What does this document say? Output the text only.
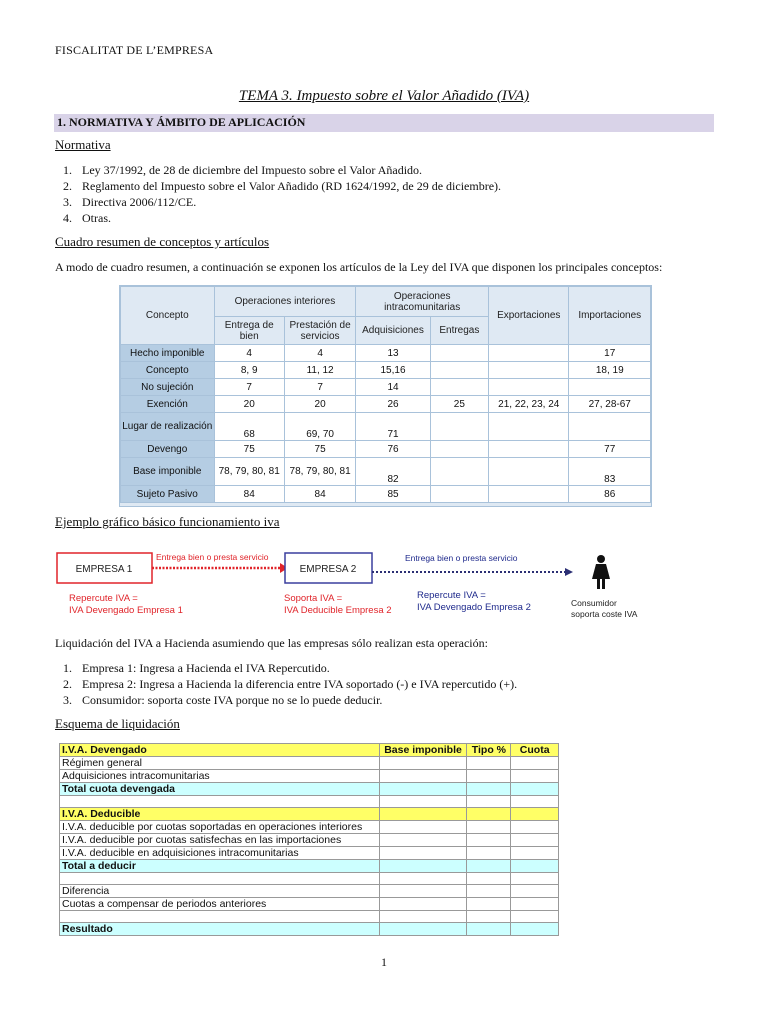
FISCALITAT DE L’EMPRESA
TEMA 3. Impuesto sobre el Valor Añadido (IVA)
1. NORMATIVA Y ÁMBITO DE APLICACIÓN
Normativa
1. Ley 37/1992, de 28 de diciembre del Impuesto sobre el Valor Añadido.
2. Reglamento del Impuesto sobre el Valor Añadido (RD 1624/1992, de 29 de diciembre).
3. Directiva 2006/112/CE.
4. Otras.
Cuadro resumen de conceptos y artículos
A modo de cuadro resumen, a continuación se exponen los artículos de la Ley del IVA que disponen los principales conceptos:
Concepto	Operaciones interiores		Operaciones intracomunitarias		Exportaciones	Importaciones
	Entrega de bien	Prestación de servicios	Adquisiciones	Entregas		
Hecho imponible	4	4	13			17
Concepto	8, 9	11, 12	15,16			18, 19
No sujeción	7	7	14			
Exención	20	20	26	25	21, 22, 23, 24	27, 28-67
Lugar de realización	68	69, 70	71			
Devengo	75	75	76			77
Base imponible	78, 79, 80, 81	78, 79, 80, 81	82			83
Sujeto Pasivo	84	84	85			86
Ejemplo gráfico básico funcionamiento iva
EMPRESA 1
Entrega bien o presta servicio
EMPRESA 2
Entrega bien o presta servicio
Repercute IVA =
IVA Devengado Empresa 1
Soporta IVA =
IVA Deducible Empresa 2
Repercute IVA =
IVA Devengado Empresa 2	Consumidor
soporta coste IVA
Liquidación del IVA a Hacienda asumiendo que las empresas sólo realizan esta operación:
1. Empresa 1: Ingresa a Hacienda el IVA Repercutido.
2. Empresa 2: Ingresa a Hacienda la diferencia entre IVA soportado (-) e IVA repercutido (+).
3. Consumidor: soporta coste IVA porque no se lo puede deducir.
Esquema de liquidación
I.V.A. Devengado	Base imponible	Tipo %	Cuota
Régimen general			
Adquisiciones intracomunitarias			
Total cuota devengada			

I.V.A. Deducible			
I.V.A. deducible por cuotas soportadas en operaciones interiores			
I.V.A. deducible por cuotas satisfechas en las importaciones			
I.V.A. deducible en adquisiciones intracomunitarias			
Total a deducir			

Diferencia			
Cuotas a compensar de periodos anteriores			

Resultado			
1
